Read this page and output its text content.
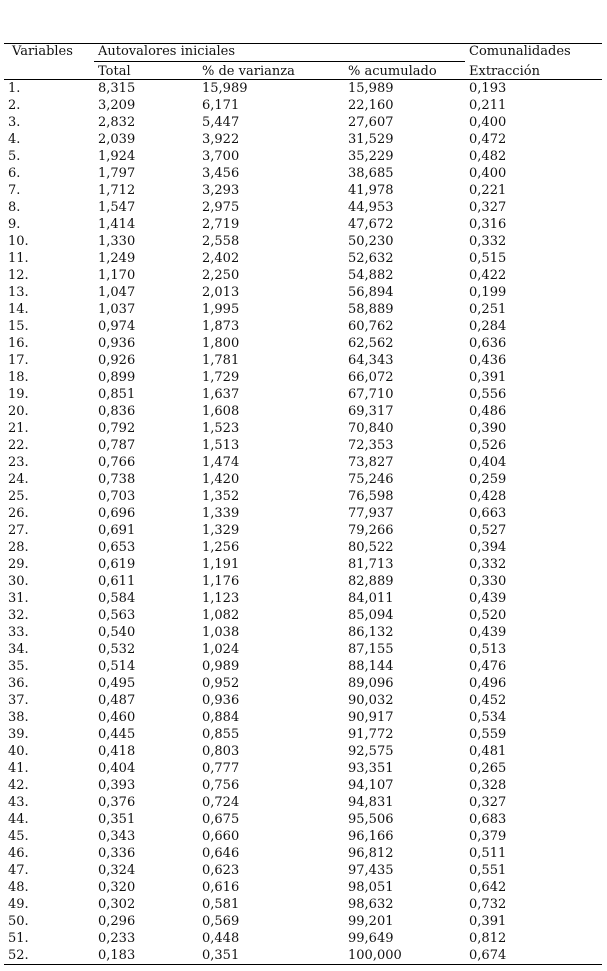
Variables	Autovalores iniciales			Comunalidades
	Total	% de varianza	% acumulado	Extracción
1.	8,315	15,989	15,989	0,193
2.	3,209	6,171	22,160	0,211
3.	2,832	5,447	27,607	0,400
4.	2,039	3,922	31,529	0,472
5.	1,924	3,700	35,229	0,482
6.	1,797	3,456	38,685	0,400
7.	1,712	3,293	41,978	0,221
8.	1,547	2,975	44,953	0,327
9.	1,414	2,719	47,672	0,316
10.	1,330	2,558	50,230	0,332
11.	1,249	2,402	52,632	0,515
12.	1,170	2,250	54,882	0,422
13.	1,047	2,013	56,894	0,199
14.	1,037	1,995	58,889	0,251
15.	0,974	1,873	60,762	0,284
16.	0,936	1,800	62,562	0,636
17.	0,926	1,781	64,343	0,436
18.	0,899	1,729	66,072	0,391
19.	0,851	1,637	67,710	0,556
20.	0,836	1,608	69,317	0,486
21.	0,792	1,523	70,840	0,390
22.	0,787	1,513	72,353	0,526
23.	0,766	1,474	73,827	0,404
24.	0,738	1,420	75,246	0,259
25.	0,703	1,352	76,598	0,428
26.	0,696	1,339	77,937	0,663
27.	0,691	1,329	79,266	0,527
28.	0,653	1,256	80,522	0,394
29.	0,619	1,191	81,713	0,332
30.	0,611	1,176	82,889	0,330
31.	0,584	1,123	84,011	0,439
32.	0,563	1,082	85,094	0,520
33.	0,540	1,038	86,132	0,439
34.	0,532	1,024	87,155	0,513
35.	0,514	0,989	88,144	0,476
36.	0,495	0,952	89,096	0,496
37.	0,487	0,936	90,032	0,452
38.	0,460	0,884	90,917	0,534
39.	0,445	0,855	91,772	0,559
40.	0,418	0,803	92,575	0,481
41.	0,404	0,777	93,351	0,265
42.	0,393	0,756	94,107	0,328
43.	0,376	0,724	94,831	0,327
44.	0,351	0,675	95,506	0,683
45.	0,343	0,660	96,166	0,379
46.	0,336	0,646	96,812	0,511
47.	0,324	0,623	97,435	0,551
48.	0,320	0,616	98,051	0,642
49.	0,302	0,581	98,632	0,732
50.	0,296	0,569	99,201	0,391
51.	0,233	0,448	99,649	0,812
52.	0,183	0,351	100,000	0,674
